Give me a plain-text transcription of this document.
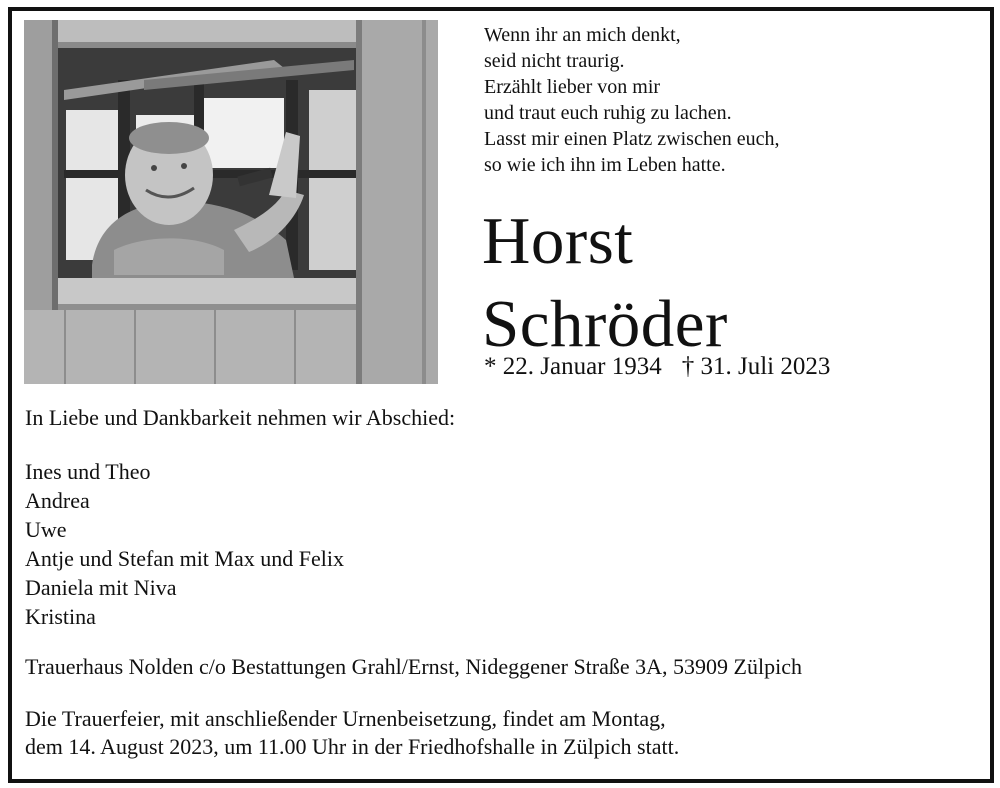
Wenn ihr an mich denkt,
seid nicht traurig.
Erzählt lieber von mir
und traut euch ruhig zu lachen.
Lasst mir einen Platz zwischen euch,
so wie ich ihn im Leben hatte.
Horst
Schröder
* 22. Januar 1934 † 31. Juli 2023
In Liebe und Dankbarkeit nehmen wir Abschied:
Ines und Theo
Andrea
Uwe
Antje und Stefan mit Max und Felix
Daniela mit Niva
Kristina
Trauerhaus Nolden c/o Bestattungen Grahl/Ernst, Nideggener Straße 3A, 53909 Zülpich
Die Trauerfeier, mit anschließender Urnenbeisetzung, findet am Montag,
dem 14. August 2023, um 11.00 Uhr in der Friedhofshalle in Zülpich statt.
